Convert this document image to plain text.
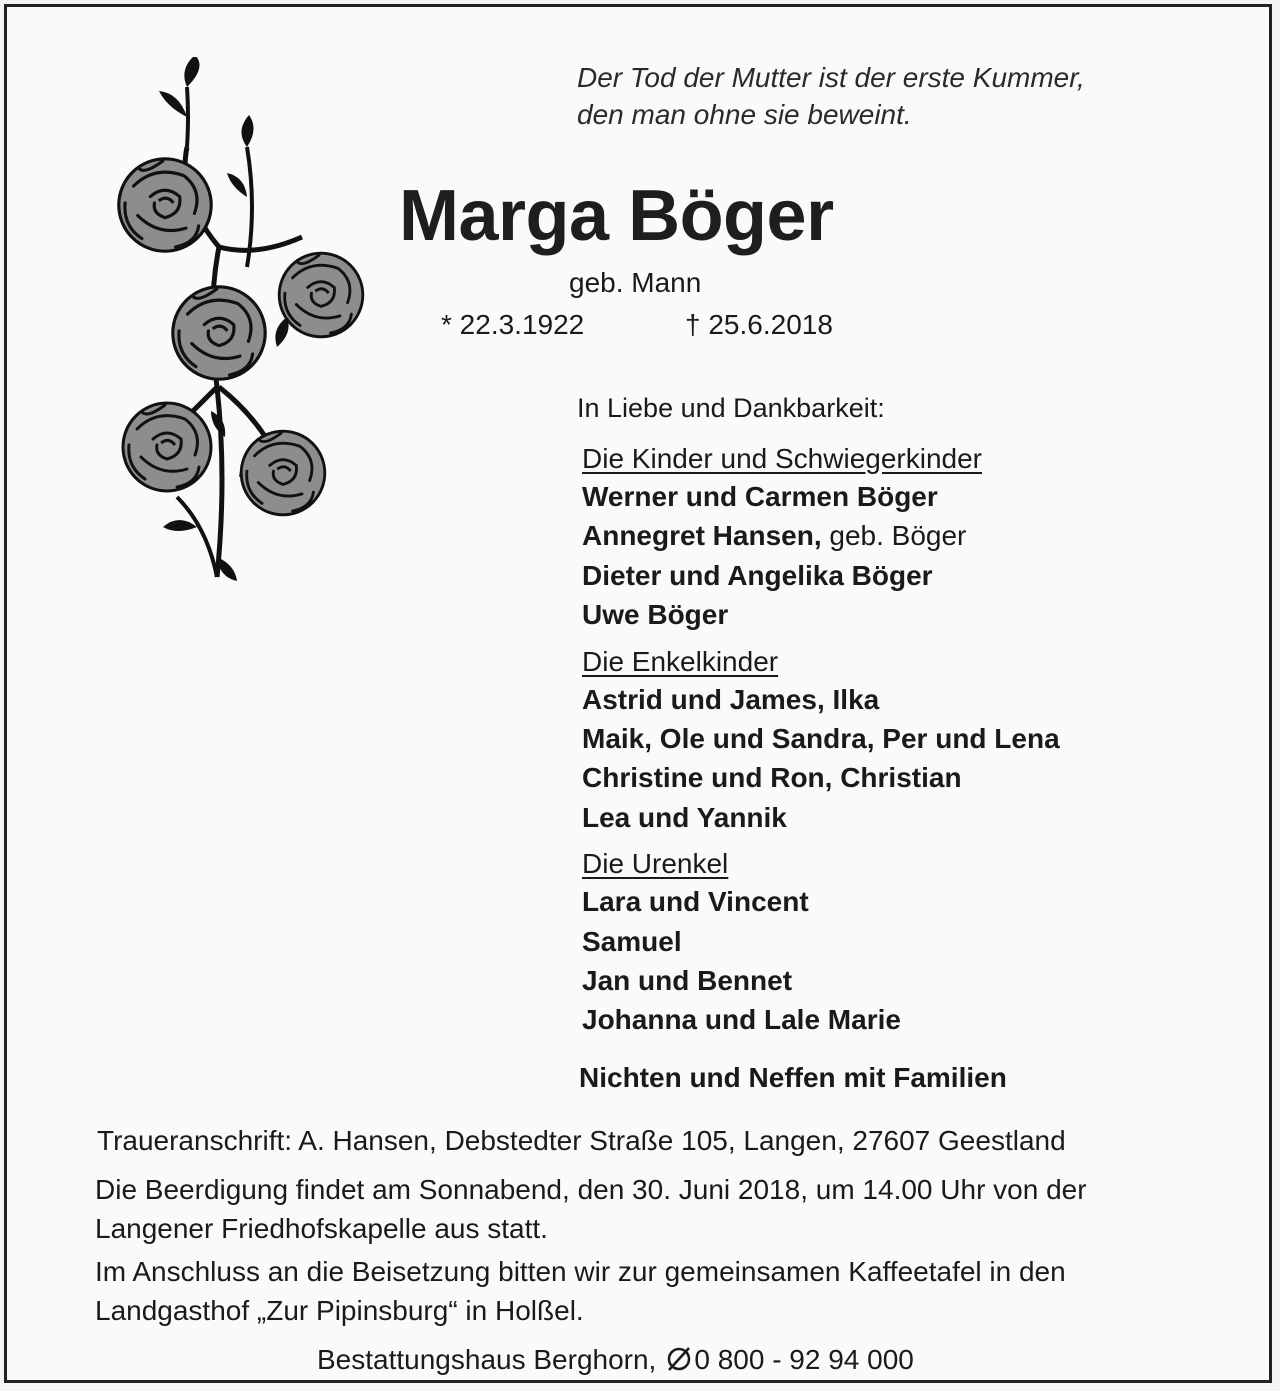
Der Tod der Mutter ist der erste Kummer,
den man ohne sie beweint.
Marga Böger
geb. Mann
* 22.3.1922	† 25.6.2018
In Liebe und Dankbarkeit:
Die Kinder und Schwiegerkinder
Werner und Carmen Böger
Annegret Hansen, geb. Böger
Dieter und Angelika Böger
Uwe Böger
Die Enkelkinder
Astrid und James, Ilka
Maik, Ole und Sandra, Per und Lena
Christine und Ron, Christian
Lea und Yannik
Die Urenkel
Lara und Vincent
Samuel
Jan und Bennet
Johanna und Lale Marie
Nichten und Neffen mit Familien
Traueranschrift: A. Hansen, Debstedter Straße 105, Langen, 27607 Geestland
Die Beerdigung findet am Sonnabend, den 30. Juni 2018, um 14.00 Uhr von der
Langener Friedhofskapelle aus statt.
Im Anschluss an die Beisetzung bitten wir zur gemeinsamen Kaffeetafel in den
Landgasthof „Zur Pipinsburg“ in Holßel.
Bestattungshaus Berghorn, 0 800 - 92 94 000
